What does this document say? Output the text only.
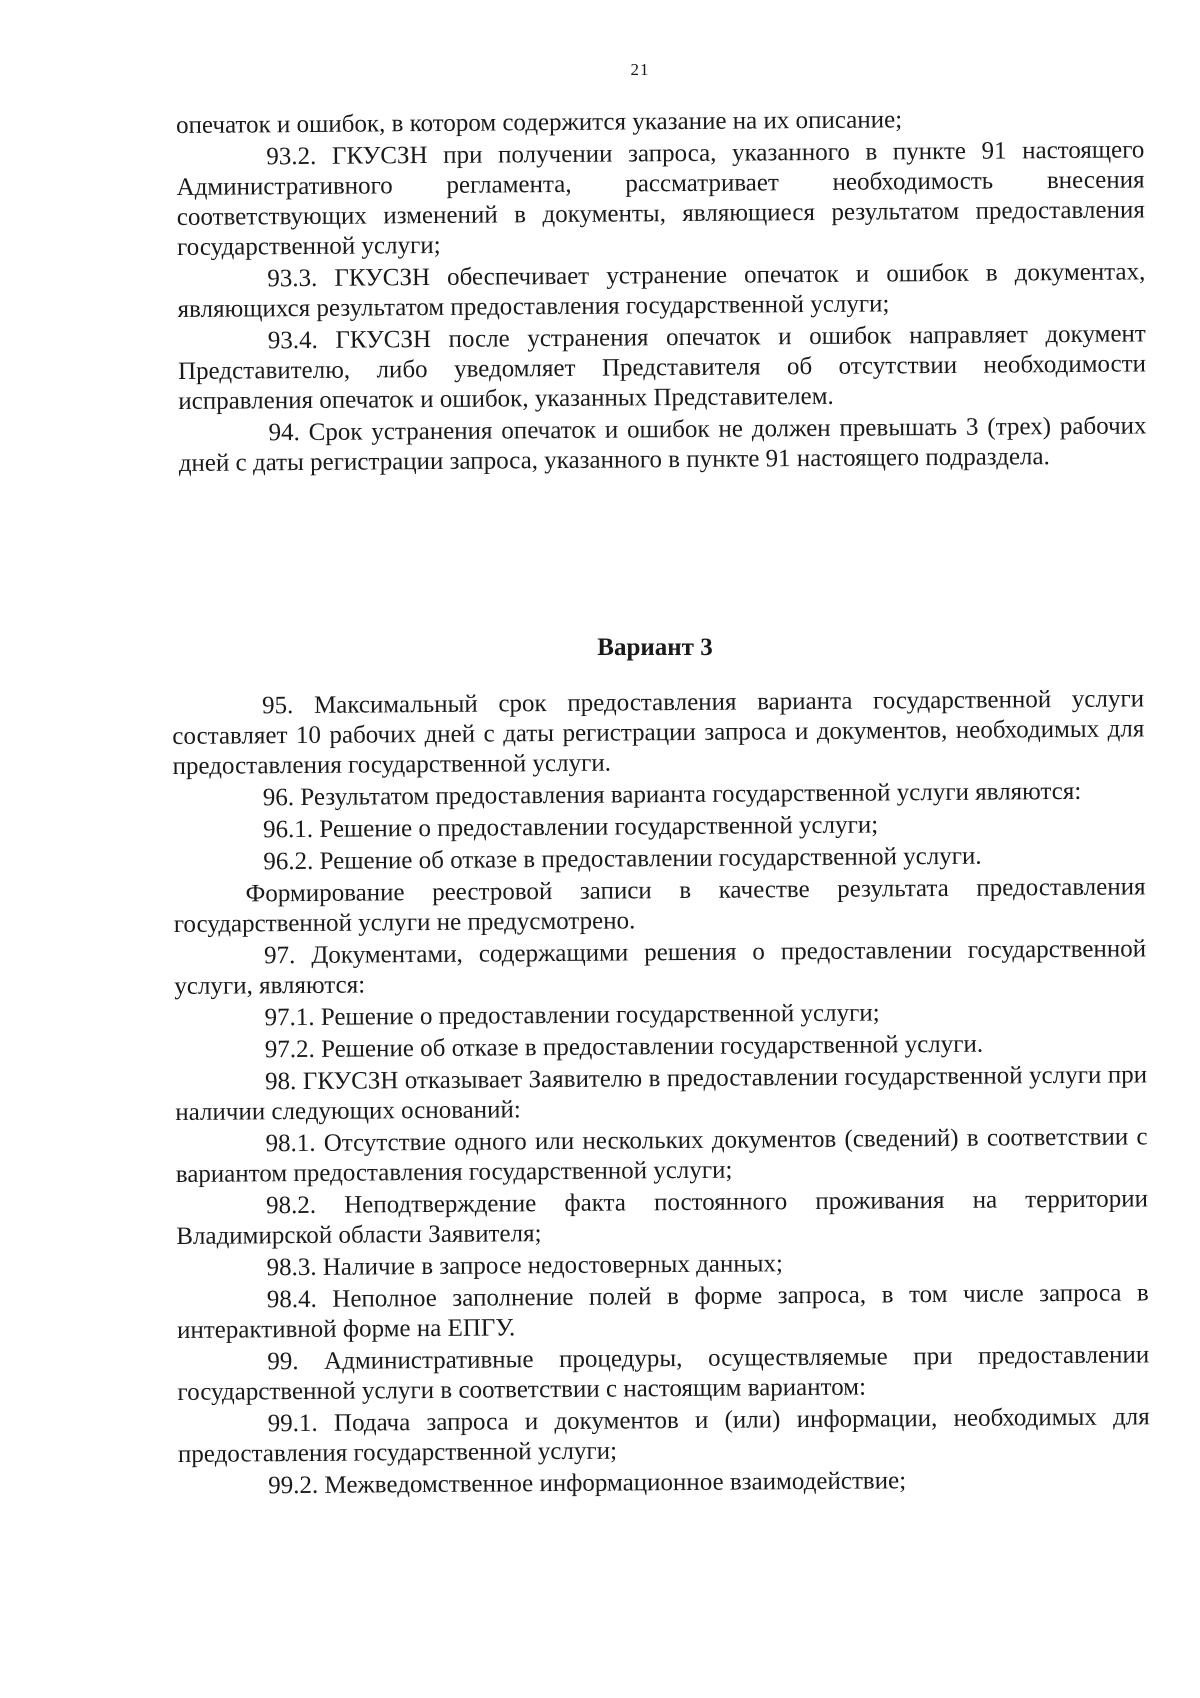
21

опечаток и ошибок, в котором содержится указание на их описание;

93.2. ГКУСЗН при получении запроса, указанного в пункте 91 настоящего Административного регламента, рассматривает необходимость внесения соответствующих изменений в документы, являющиеся результатом предоставления государственной услуги;

93.3. ГКУСЗН обеспечивает устранение опечаток и ошибок в документах, являющихся результатом предоставления государственной услуги;

93.4. ГКУСЗН после устранения опечаток и ошибок направляет документ Представителю, либо уведомляет Представителя об отсутствии необходимости исправления опечаток и ошибок, указанных Представителем.

94. Срок устранения опечаток и ошибок не должен превышать 3 (трех) рабочих дней с даты регистрации запроса, указанного в пункте 91 настоящего подраздела.

Вариант 3

95. Максимальный срок предоставления варианта государственной услуги составляет 10 рабочих дней с даты регистрации запроса и документов, необходимых для предоставления государственной услуги.

96. Результатом предоставления варианта государственной услуги являются:

96.1. Решение о предоставлении государственной услуги;

96.2. Решение об отказе в предоставлении государственной услуги.

Формирование реестровой записи в качестве результата предоставления государственной услуги не предусмотрено.

97. Документами, содержащими решения о предоставлении государственной услуги, являются:

97.1. Решение о предоставлении государственной услуги;

97.2. Решение об отказе в предоставлении государственной услуги.

98. ГКУСЗН отказывает Заявителю в предоставлении государственной услуги при наличии следующих оснований:

98.1. Отсутствие одного или нескольких документов (сведений) в соответствии с вариантом предоставления государственной услуги;

98.2. Неподтверждение факта постоянного проживания на территории Владимирской области Заявителя;

98.3. Наличие в запросе недостоверных данных;

98.4. Неполное заполнение полей в форме запроса, в том числе запроса в интерактивной форме на ЕПГУ.

99. Административные процедуры, осуществляемые при предоставлении государственной услуги в соответствии с настоящим вариантом:

99.1. Подача запроса и документов и (или) информации, необходимых для предоставления государственной услуги;

99.2. Межведомственное информационное взаимодействие;
